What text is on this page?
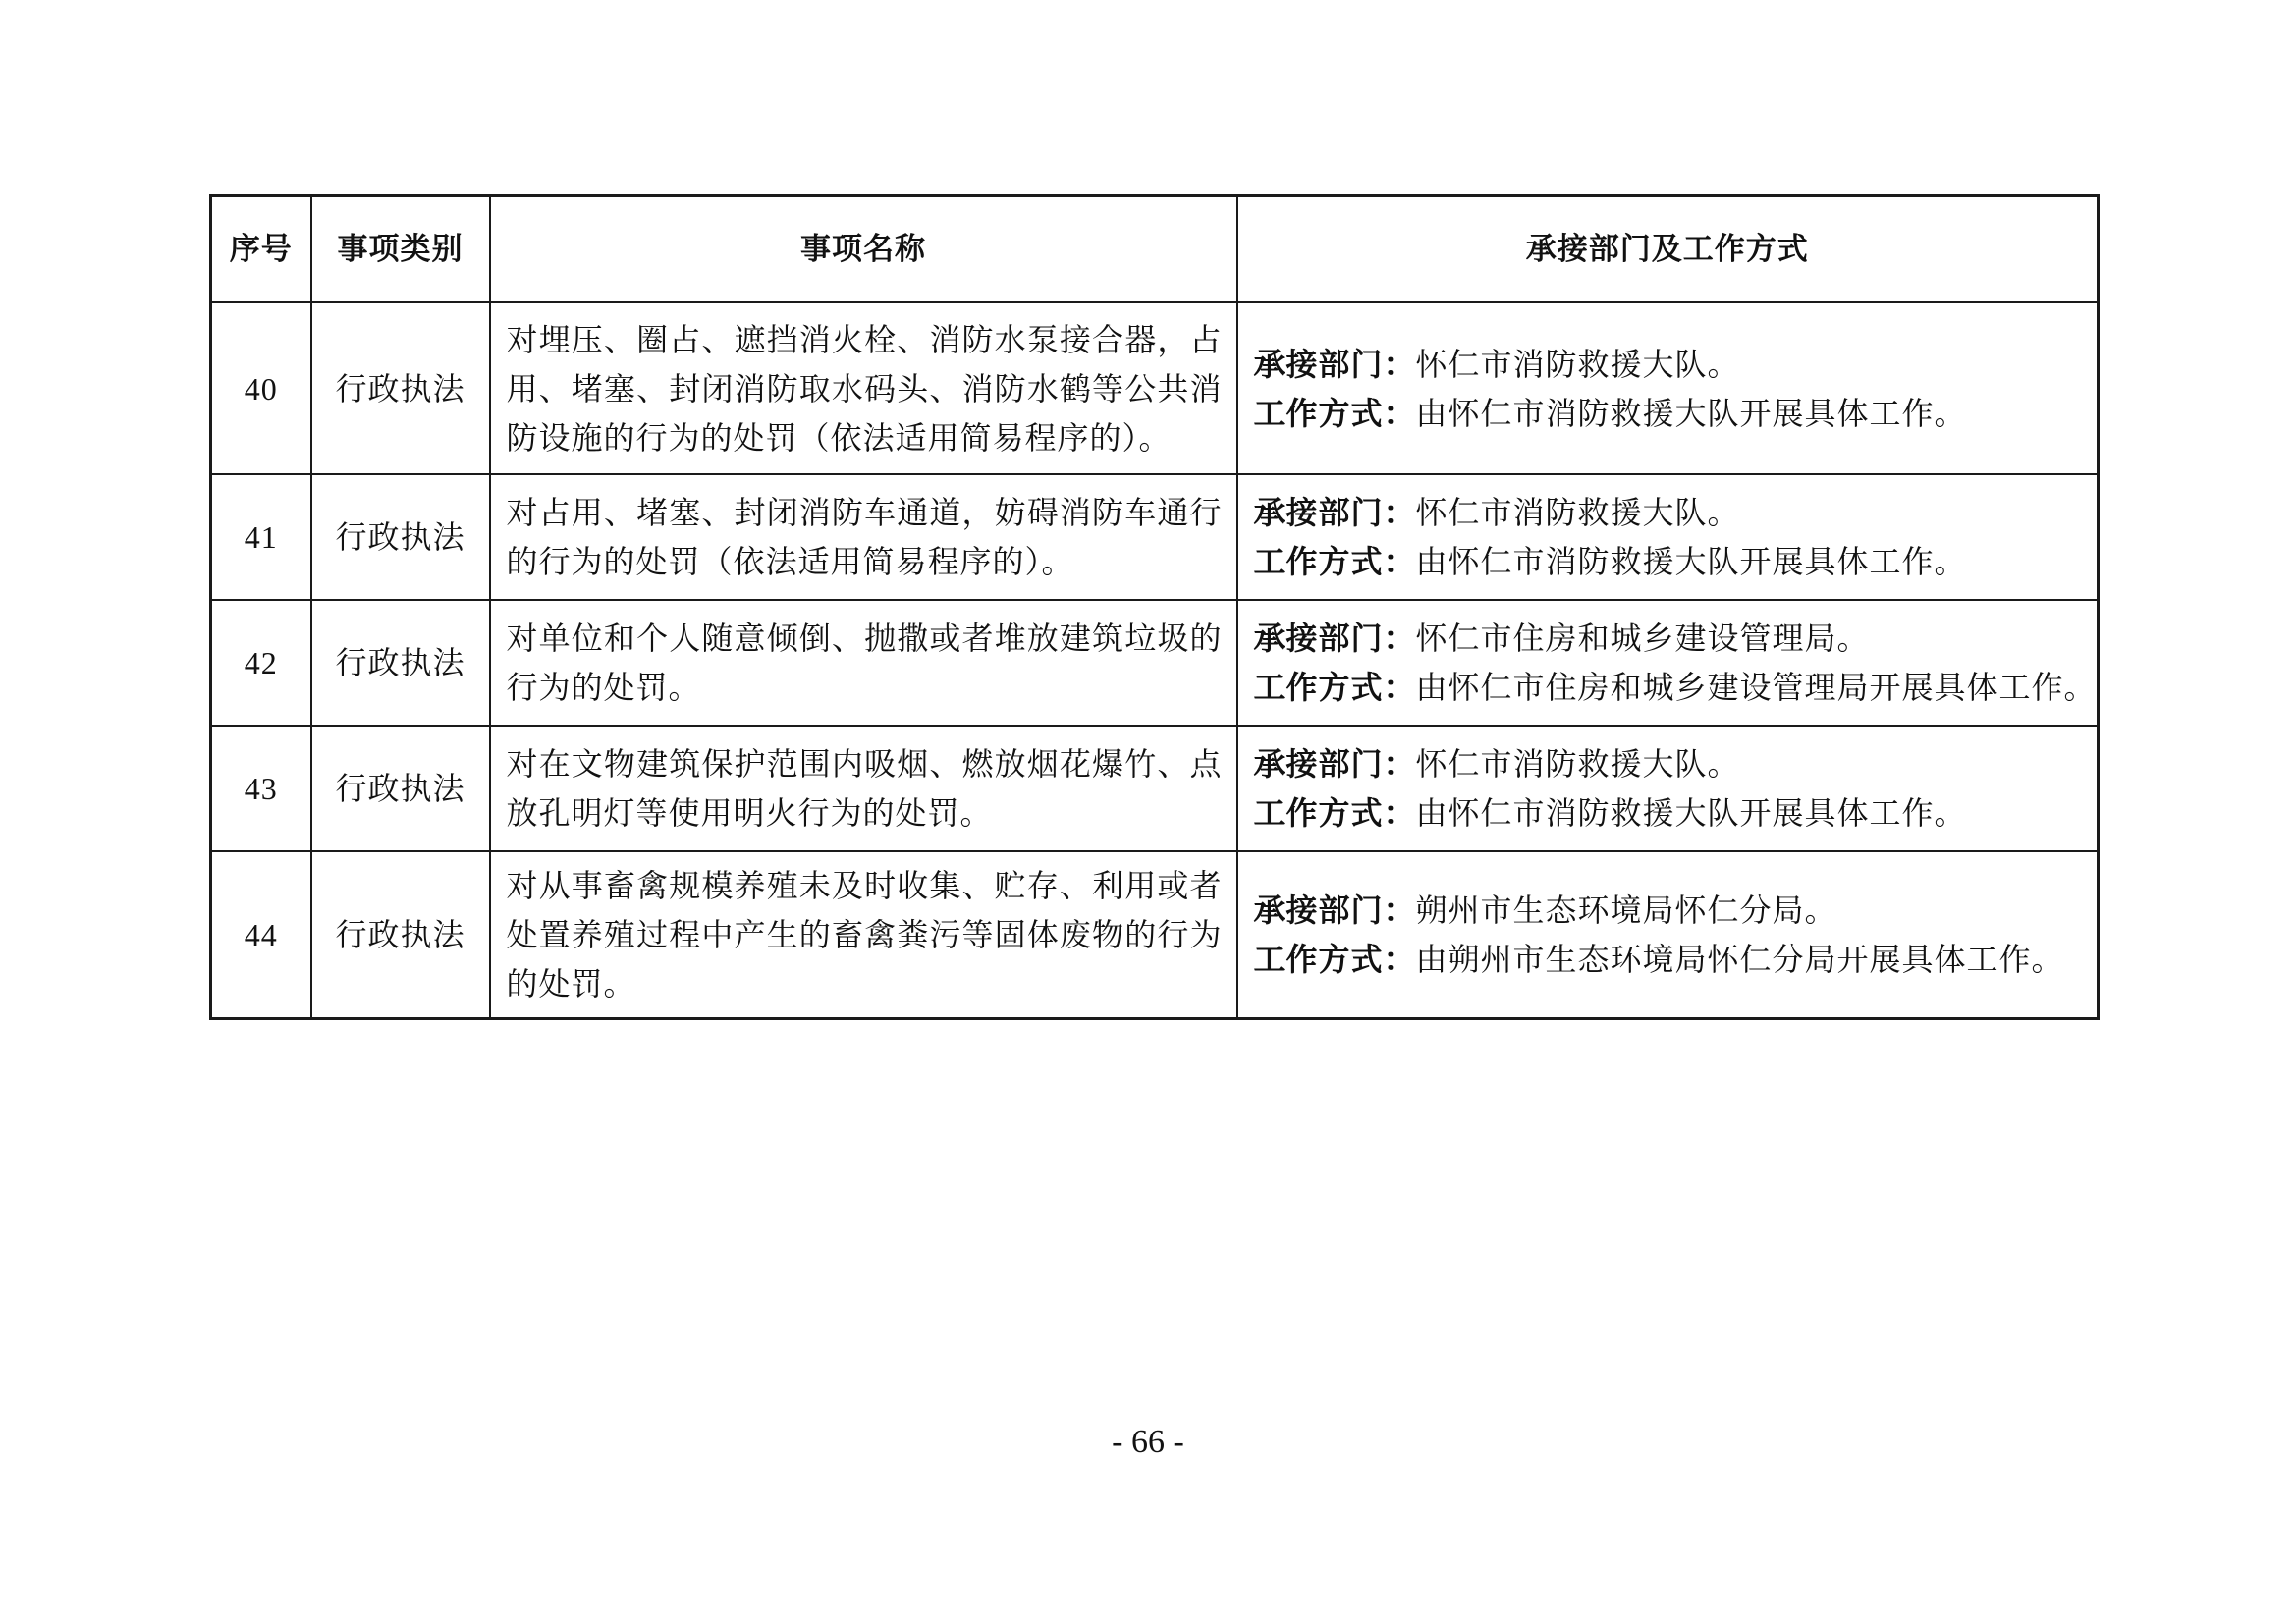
序号	事项类别	事项名称	承接部门及工作方式
40	行政执法	对埋压、圈占、遮挡消火栓、消防水泵接合器，占用、堵塞、封闭消防取水码头、消防水鹤等公共消防设施的行为的处罚（依法适用简易程序的）。	承接部门：怀仁市消防救援大队。
工作方式：由怀仁市消防救援大队开展具体工作。

41	行政执法	对占用、堵塞、封闭消防车通道，妨碍消防车通行的行为的处罚（依法适用简易程序的）。	承接部门：怀仁市消防救援大队。
工作方式：由怀仁市消防救援大队开展具体工作。

42	行政执法	对单位和个人随意倾倒、抛撒或者堆放建筑垃圾的行为的处罚。	承接部门：怀仁市住房和城乡建设管理局。
工作方式：由怀仁市住房和城乡建设管理局开展具体工作。

43	行政执法	对在文物建筑保护范围内吸烟、燃放烟花爆竹、点放孔明灯等使用明火行为的处罚。	承接部门：怀仁市消防救援大队。
工作方式：由怀仁市消防救援大队开展具体工作。

44	行政执法	对从事畜禽规模养殖未及时收集、贮存、利用或者处置养殖过程中产生的畜禽粪污等固体废物的行为的处罚。	承接部门：朔州市生态环境局怀仁分局。
工作方式：由朔州市生态环境局怀仁分局开展具体工作。
- 66 -
